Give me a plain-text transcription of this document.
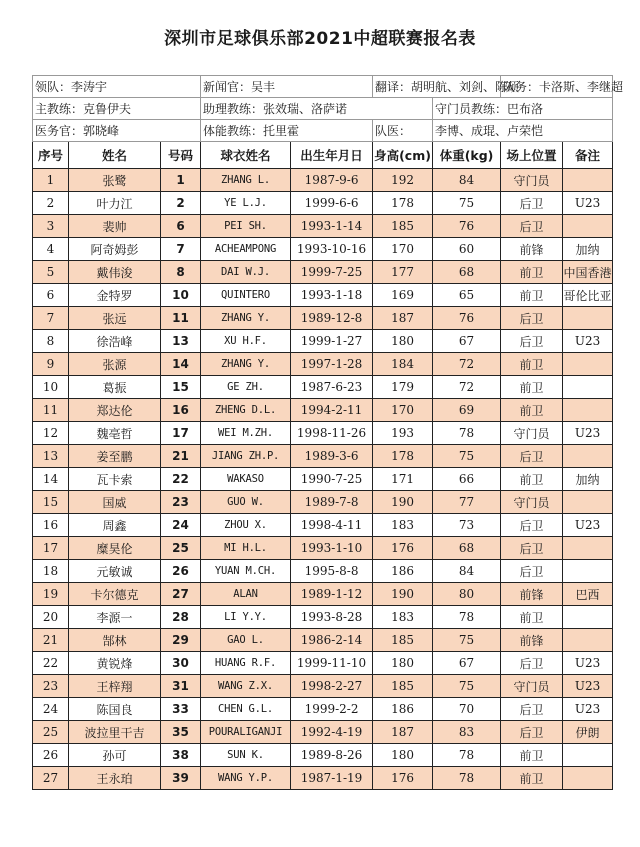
深圳市足球俱乐部2021中超联赛报名表
领队：李涛宇			新闻官：吴丰		翻译：胡明航、刘剑、陈硕		队务：卡洛斯、李继超	

主教练：克鲁伊夫			助理教练：张效瑞、洛萨诺			守门员教练：巴布洛		

医务官：郭晓峰			体能教练：托里霍		队医：	李博、成琨、卢荣恺		

序号	姓名	号码	球衣姓名	出生年月日	身高(cm)	体重(kg)	场上位置	备注
1	张鹭	1	ZHANG L.	1987-9-6	192	84	守门员	
2	叶力江	2	YE L.J.	1999-6-6	178	75	后卫	U23
3	裴帅	6	PEI SH.	1993-1-14	185	76	后卫	
4	阿奇姆彭	7	ACHEAMPONG	1993-10-16	170	60	前锋	加纳
5	戴伟浚	8	DAI W.J.	1999-7-25	177	68	前卫	中国香港
6	金特罗	10	QUINTERO	1993-1-18	169	65	前卫	哥伦比亚
7	张远	11	ZHANG Y.	1989-12-8	187	76	后卫	
8	徐浩峰	13	XU H.F.	1999-1-27	180	67	后卫	U23
9	张源	14	ZHANG Y.	1997-1-28	184	72	前卫	
10	葛振	15	GE ZH.	1987-6-23	179	72	前卫	
11	郑达伦	16	ZHENG D.L.	1994-2-11	170	69	前卫	
12	魏亳哲	17	WEI M.ZH.	1998-11-26	193	78	守门员	U23
13	姜至鹏	21	JIANG ZH.P.	1989-3-6	178	75	后卫	
14	瓦卡索	22	WAKASO	1990-7-25	171	66	前卫	加纳
15	国威	23	GUO W.	1989-7-8	190	77	守门员	
16	周鑫	24	ZHOU X.	1998-4-11	183	73	后卫	U23
17	糜昊伦	25	MI H.L.	1993-1-10	176	68	后卫	
18	元敏诚	26	YUAN M.CH.	1995-8-8	186	84	后卫	
19	卡尔德克	27	ALAN	1989-1-12	190	80	前锋	巴西
20	李源一	28	LI Y.Y.	1993-8-28	183	78	前卫	
21	郜林	29	GAO L.	1986-2-14	185	75	前锋	
22	黄锐烽	30	HUANG R.F.	1999-11-10	180	67	后卫	U23
23	王梓翔	31	WANG Z.X.	1998-2-27	185	75	守门员	U23
24	陈国良	33	CHEN G.L.	1999-2-2	186	70	后卫	U23
25	波拉里干吉	35	POURALIGANJI	1992-4-19	187	83	后卫	伊朗
26	孙可	38	SUN K.	1989-8-26	180	78	前卫	
27	王永珀	39	WANG Y.P.	1987-1-19	176	78	前卫	
